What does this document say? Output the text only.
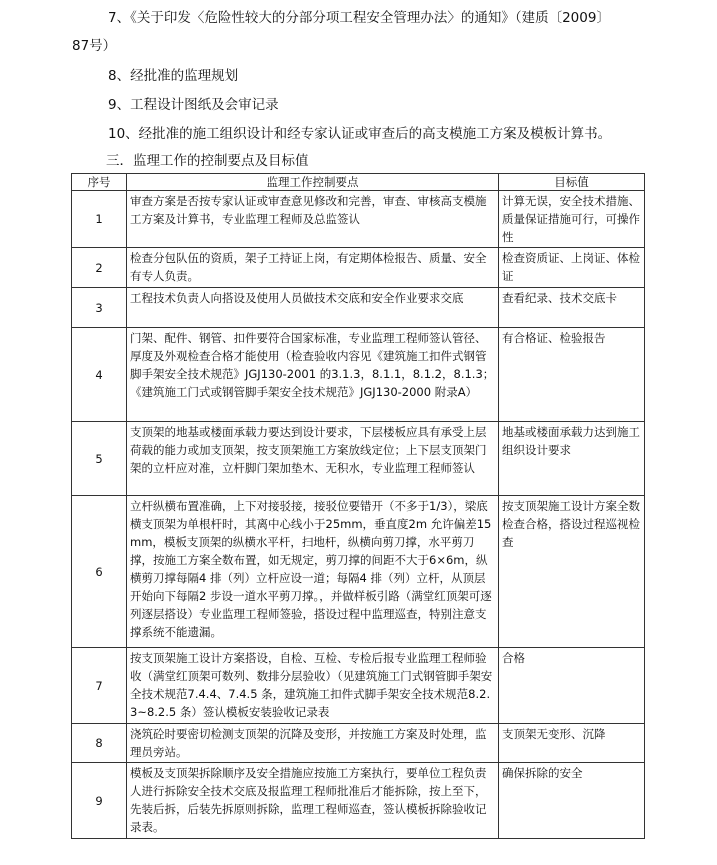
7、《关于印发〈危险性较大的分部分项工程安全管理办法〉的通知》（建质〔2009〕
87号）
8、经批准的监理规划
9、工程设计图纸及会审记录
10、经批准的施工组织设计和经专家认证或审查后的高支模施工方案及模板计算书。
三．监理工作的控制要点及目标值
序号	监理工作控制要点	目标值
1	审查方案是否按专家认证或审查意见修改和完善，审查、审核高支模施工方案及计算书，专业监理工程师及总监签认	计算无误，安全技术措施、质量保证措施可行，可操作性
2	检查分包队伍的资质，架子工持证上岗，有定期体检报告、质量、安全有专人负责。	检查资质证、上岗证、体检证
3	工程技术负责人向搭设及使用人员做技术交底和安全作业要求交底	查看纪录、技术交底卡
4	门架、配件、钢管、扣件要符合国家标准，专业监理工程师签认管径、厚度及外观检查合格才能使用（检查验收内容见《建筑施工扣件式钢管脚手架安全技术规范》JGJ130-2001 的3.1.3，8.1.1，8.1.2，8.1.3；《建筑施工门式或钢管脚手架安全技术规范》JGJ130-2000 附录A）	有合格证、检验报告
5	支顶架的地基或楼面承载力要达到设计要求，下层楼板应具有承受上层荷载的能力或加支顶架，按支顶架施工方案放线定位；上下层支顶架门架的立杆应对准，立杆脚门架加垫木、无积水，专业监理工程师签认	地基或楼面承载力达到施工组织设计要求
6	立杆纵横布置准确，上下对接驳接，接驳位要错开（不多于1/3），梁底横支顶架为单根杆时，其离中心线小于25mm，垂直度2m 允许偏差15mm，模板支顶架的纵横水平杆，扫地杆，纵横向剪刀撑，水平剪刀撑，按施工方案全数布置，如无规定，剪刀撑的间距不大于6×6m，纵横剪刀撑每隔4 排（列）立杆应设一道；每隔4 排（列）立杆，从顶层开始向下每隔2 步设一道水平剪刀撑。，并做样板引路（满堂红顶架可逐列逐层搭设）专业监理工程师签验，搭设过程中监理巡查，特别注意支撑系统不能遗漏。	按支顶架施工设计方案全数检查合格，搭设过程巡视检查
7	按支顶架施工设计方案搭设，自检、互检、专检后报专业监理工程师验收（满堂红顶架可数列、数排分层验收）（见建筑施工门式钢管脚手架安全技术规范7.4.4、7.4.5 条，建筑施工扣件式脚手架安全技术规范8.2.3~8.2.5 条）签认模板安装验收记录表	合格
8	浇筑砼时要密切检测支顶架的沉降及变形，并按施工方案及时处理，监理员旁站。	支顶架无变形、沉降
9	模板及支顶架拆除顺序及安全措施应按施工方案执行，要单位工程负责人进行拆除安全技术交底及报监理工程师批准后才能拆除，按上至下，先装后拆，后装先拆原则拆除，监理工程师巡查，签认模板拆除验收记录表。	确保拆除的安全
